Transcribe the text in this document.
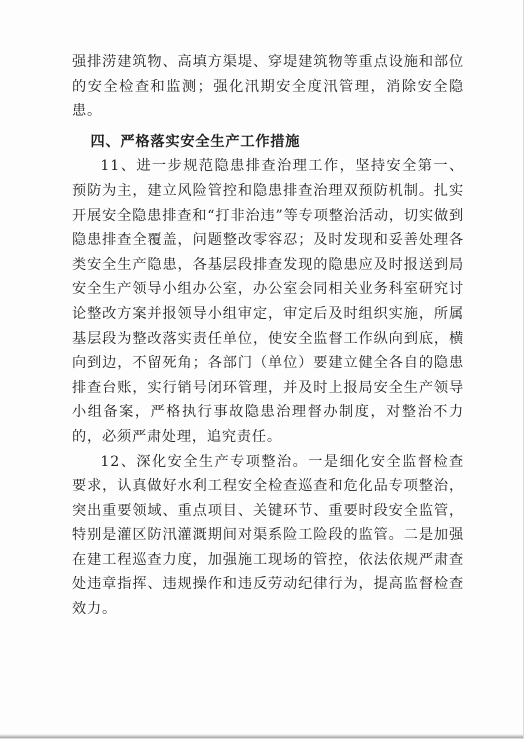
强排涝建筑物、高填方渠堤、穿堤建筑物等重点设施和部位的安全检查和监测；强化汛期安全度汛管理，消除安全隐患。

四、严格落实安全生产工作措施

11、进一步规范隐患排查治理工作，坚持安全第一、预防为主，建立风险管控和隐患排查治理双预防机制。扎实开展安全隐患排查和“打非治违”等专项整治活动，切实做到隐患排查全覆盖，问题整改零容忍；及时发现和妥善处理各类安全生产隐患，各基层段排查发现的隐患应及时报送到局安全生产领导小组办公室，办公室会同相关业务科室研究讨论整改方案并报领导小组审定，审定后及时组织实施，所属基层段为整改落实责任单位，使安全监督工作纵向到底，横向到边，不留死角；各部门（单位）要建立健全各自的隐患排查台账，实行销号闭环管理，并及时上报局安全生产领导小组备案，严格执行事故隐患治理督办制度，对整治不力的，必须严肃处理，追究责任。

12、深化安全生产专项整治。一是细化安全监督检查要求，认真做好水利工程安全检查巡查和危化品专项整治，突出重要领域、重点项目、关键环节、重要时段安全监管，特别是灌区防汛灌溉期间对渠系险工险段的监管。二是加强在建工程巡查力度，加强施工现场的管控，依法依规严肃查处违章指挥、违规操作和违反劳动纪律行为，提高监督检查效力。
